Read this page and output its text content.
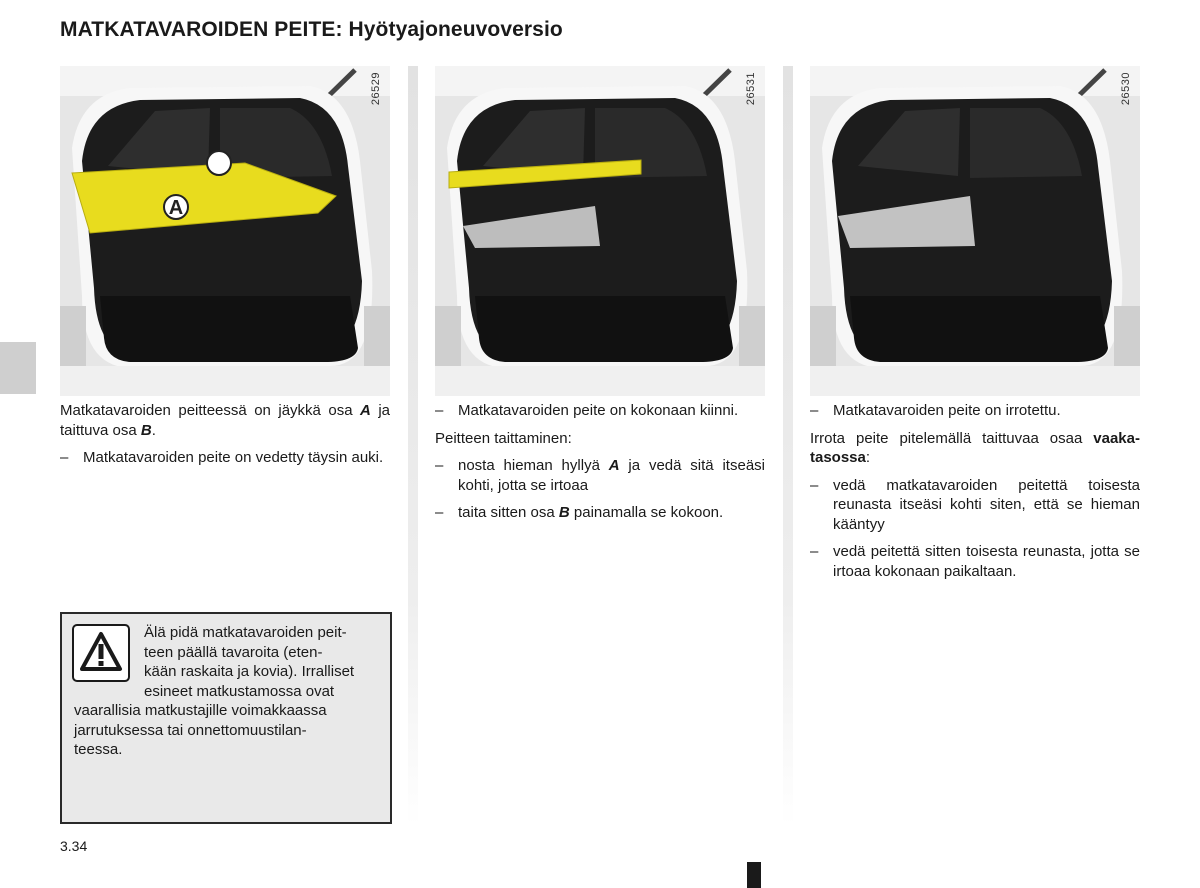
MATKATAVAROIDEN PEITE: Hyötyajoneuvoversio
A
26529	26531	26530

Matkatavaroiden peitteessä on jäykkä osa A ja taittuva osa B.

– Matkatavaroiden peite on vedetty täysin auki.
– Matkatavaroiden peite on kokonaan kiinni.

Peitteen taittaminen:

– nosta hieman hyllyä A ja vedä sitä itseäsi kohti, jotta se irtoaa
– taita sitten osa B painamalla se kokoon.
– Matkatavaroiden peite on irrotettu.

Irrota peite pitelemällä taittuvaa osaa vaaka-tasossa:

– vedä matkatavaroiden peitettä toisesta reunasta itseäsi kohti siten, että se hieman kääntyy
– vedä peitettä sitten toisesta reunasta, jotta se irtoaa kokonaan paikaltaan.
Älä pidä matkatavaroiden peit-
teen päällä tavaroita (eten-
kään raskaita ja kovia). Irralliset
esineet matkustamossa ovat
vaarallisia matkustajille voimakkaassa
jarrutuksessa tai onnettomuustilan-
teessa.
3.34
